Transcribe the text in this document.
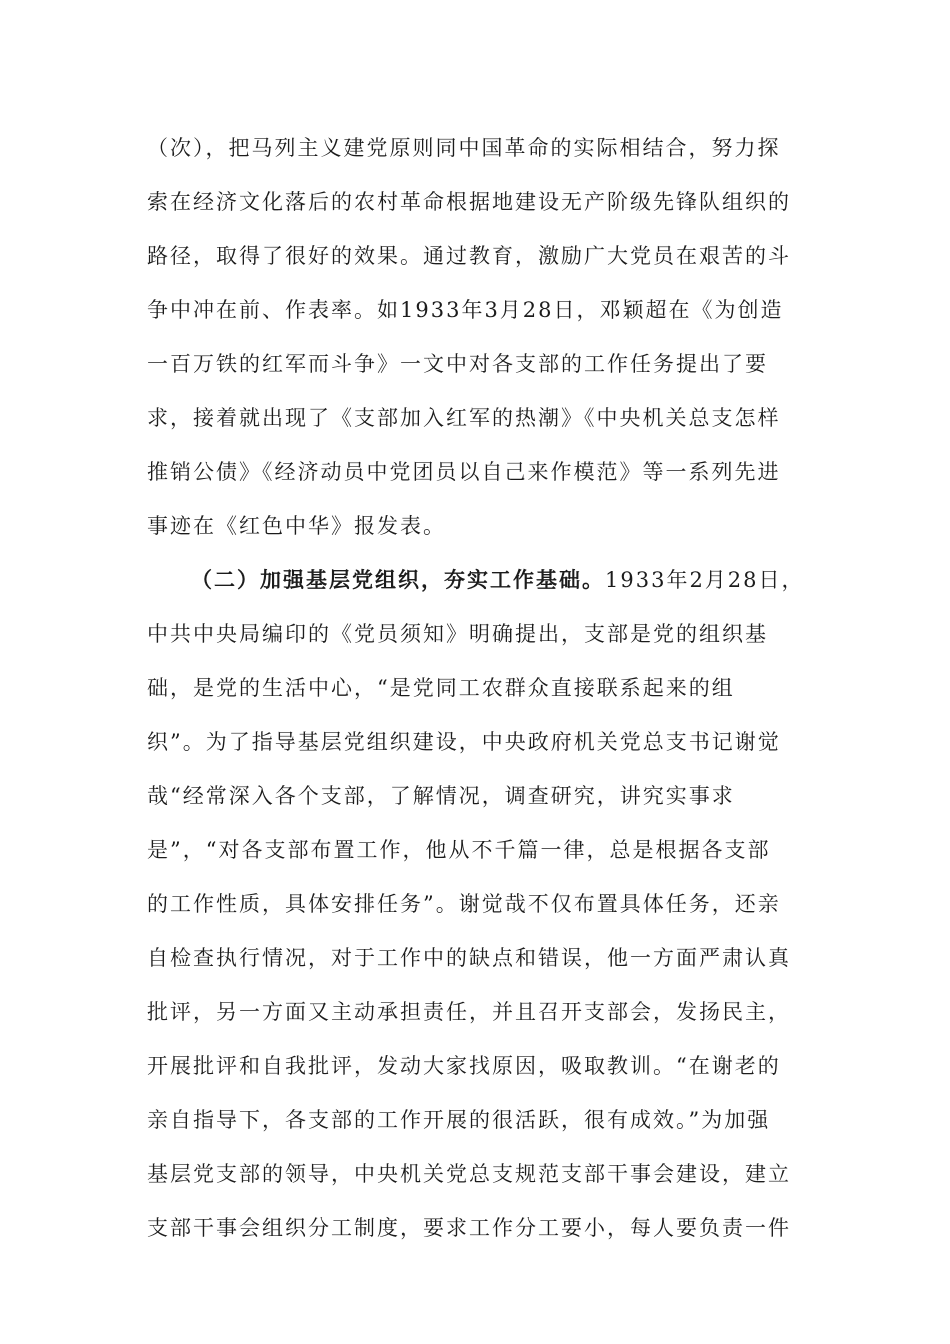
（次），把马列主义建党原则同中国革命的实际相结合，努力探
索在经济文化落后的农村革命根据地建设无产阶级先锋队组织的
路径，取得了很好的效果。通过教育，激励广大党员在艰苦的斗
争中冲在前、作表率。如1933年3月28日，邓颖超在《为创造
一百万铁的红军而斗争》一文中对各支部的工作任务提出了要
求，接着就出现了《支部加入红军的热潮》《中央机关总支怎样
推销公债》《经济动员中党团员以自己来作模范》等一系列先进
事迹在《红色中华》报发表。
（二）加强基层党组织，夯实工作基础。1933年2月28日，
中共中央局编印的《党员须知》明确提出，支部是党的组织基
础，是党的生活中心，“是党同工农群众直接联系起来的组
织”。为了指导基层党组织建设，中央政府机关党总支书记谢觉
哉“经常深入各个支部，了解情况，调查研究，讲究实事求
是”，“对各支部布置工作，他从不千篇一律，总是根据各支部
的工作性质，具体安排任务”。谢觉哉不仅布置具体任务，还亲
自检查执行情况，对于工作中的缺点和错误，他一方面严肃认真
批评，另一方面又主动承担责任，并且召开支部会，发扬民主，
开展批评和自我批评，发动大家找原因，吸取教训。“在谢老的
亲自指导下，各支部的工作开展的很活跃，很有成效。”为加强
基层党支部的领导，中央机关党总支规范支部干事会建设，建立
支部干事会组织分工制度，要求工作分工要小，每人要负责一件
